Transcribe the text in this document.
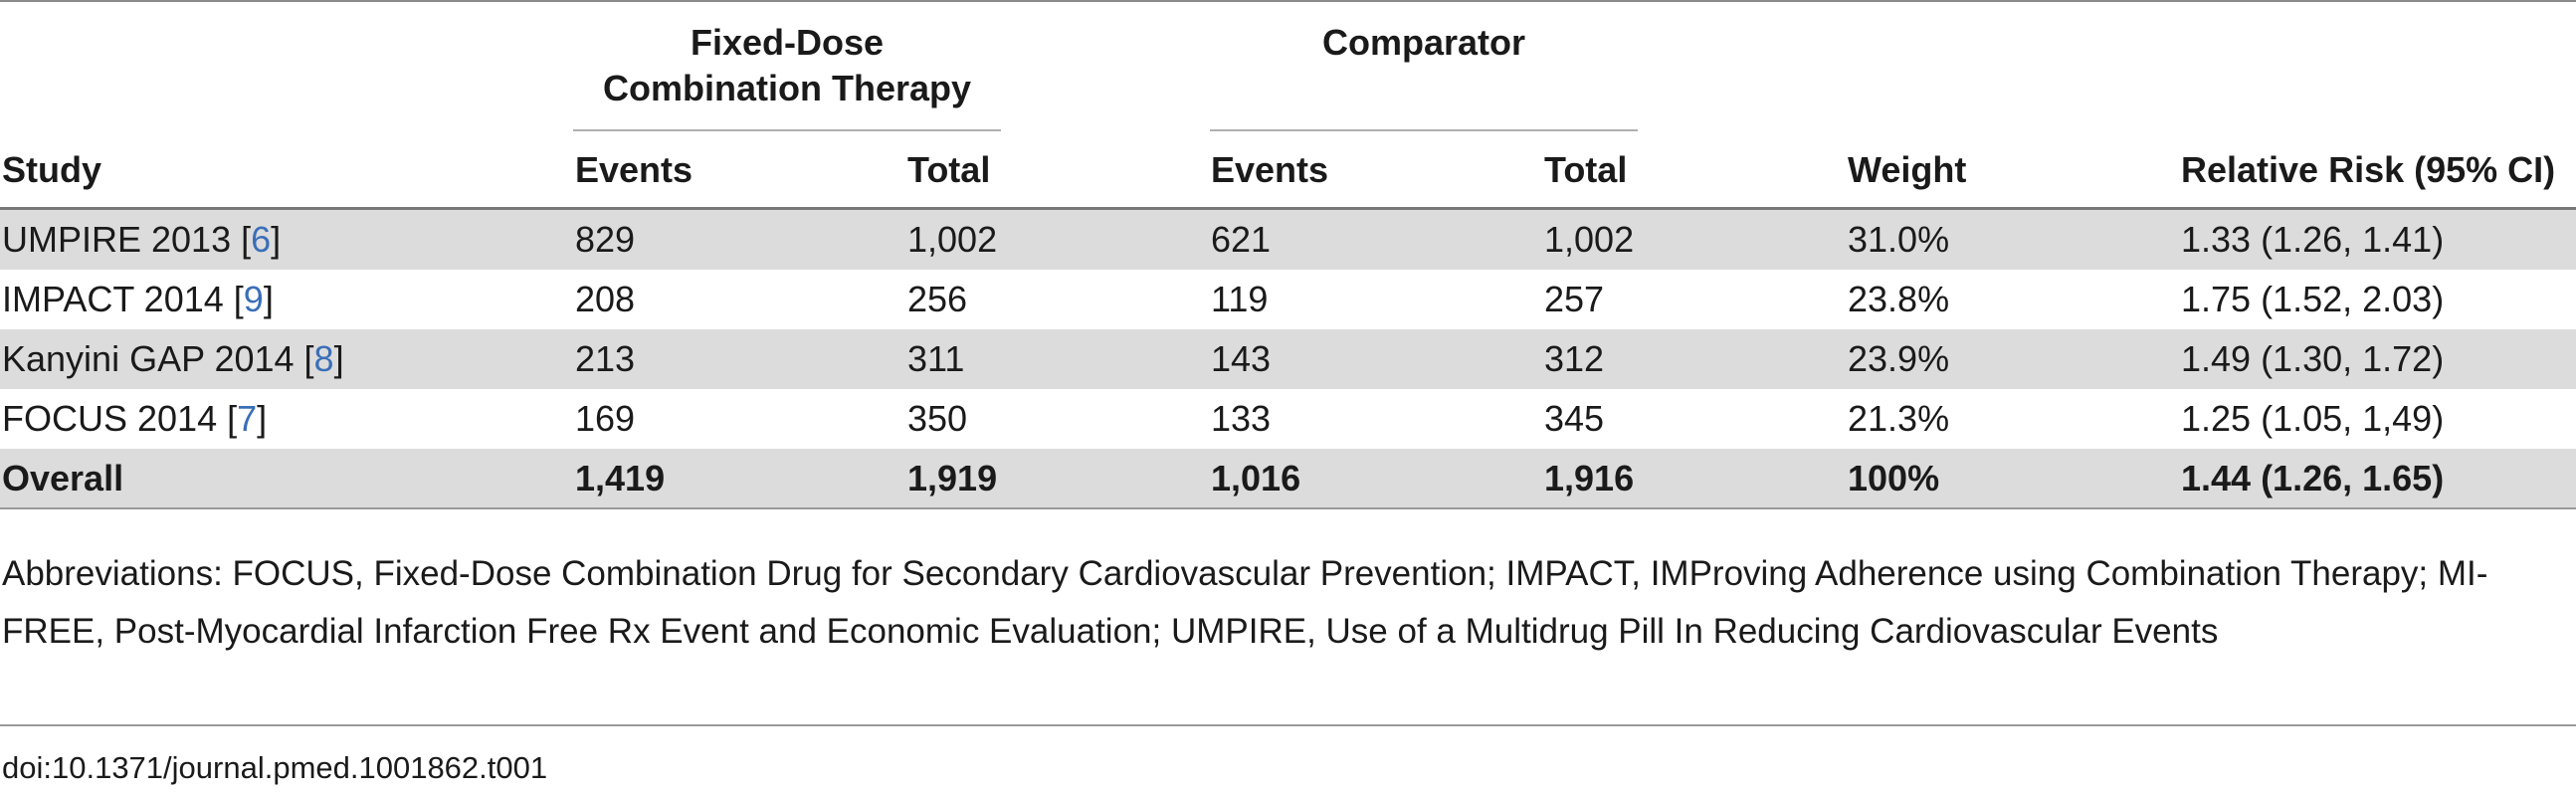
Fixed-Dose
Combination Therapy
Comparator
Study	Events	Total	Events	Total	Weight	Relative Risk (95% CI)
UMPIRE 2013 [6]	829	1,002	621	1,002	31.0%	1.33 (1.26, 1.41)
IMPACT 2014 [9]	208	256	119	257	23.8%	1.75 (1.52, 2.03)
Kanyini GAP 2014 [8]	213	311	143	312	23.9%	1.49 (1.30, 1.72)
FOCUS 2014 [7]	169	350	133	345	21.3%	1.25 (1.05, 1,49)
Overall	1,419	1,919	1,016	1,916	100%	1.44 (1.26, 1.65)
Abbreviations: FOCUS, Fixed-Dose Combination Drug for Secondary Cardiovascular Prevention; IMPACT, IMProving Adherence using Combination Therapy; MI-FREE, Post-Myocardial Infarction Free Rx Event and Economic Evaluation; UMPIRE, Use of a Multidrug Pill In Reducing Cardiovascular Events
doi:10.1371/journal.pmed.1001862.t001
